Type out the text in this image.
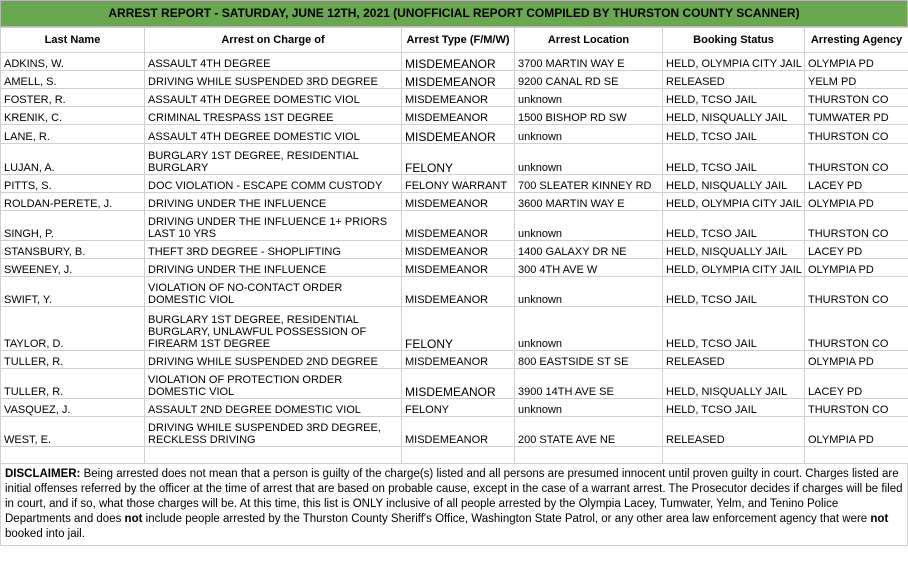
ARREST REPORT - SATURDAY, JUNE 12TH, 2021 (UNOFFICIAL REPORT COMPILED BY THURSTON COUNTY SCANNER)
Last Name	Arrest on Charge of	Arrest Type (F/M/W)	Arrest Location	Booking Status	Arresting Agency
ADKINS, W.	ASSAULT 4TH DEGREE	MISDEMEANOR	3700 MARTIN WAY E	HELD, OLYMPIA CITY JAIL	OLYMPIA PD
AMELL, S.	DRIVING WHILE SUSPENDED 3RD DEGREE	MISDEMEANOR	9200 CANAL RD SE	RELEASED	YELM PD
FOSTER, R.	ASSAULT 4TH DEGREE DOMESTIC VIOL	MISDEMEANOR	unknown	HELD, TCSO JAIL	THURSTON CO
KRENIK, C.	CRIMINAL TRESPASS 1ST DEGREE	MISDEMEANOR	1500 BISHOP RD SW	HELD, NISQUALLY JAIL	TUMWATER PD
LANE, R.	ASSAULT 4TH DEGREE DOMESTIC VIOL	MISDEMEANOR	unknown	HELD, TCSO JAIL	THURSTON CO
LUJAN, A.	BURGLARY 1ST DEGREE, RESIDENTIAL BURGLARY	FELONY	unknown	HELD, TCSO JAIL	THURSTON CO
PITTS, S.	DOC VIOLATION - ESCAPE COMM CUSTODY	FELONY WARRANT	700 SLEATER KINNEY RD	HELD, NISQUALLY JAIL	LACEY PD
ROLDAN-PERETE, J.	DRIVING UNDER THE INFLUENCE	MISDEMEANOR	3600 MARTIN WAY E	HELD, OLYMPIA CITY JAIL	OLYMPIA PD
SINGH, P.	DRIVING UNDER THE INFLUENCE 1+ PRIORS LAST 10 YRS	MISDEMEANOR	unknown	HELD, TCSO JAIL	THURSTON CO
STANSBURY, B.	THEFT 3RD DEGREE - SHOPLIFTING	MISDEMEANOR	1400 GALAXY DR NE	HELD, NISQUALLY JAIL	LACEY PD
SWEENEY, J.	DRIVING UNDER THE INFLUENCE	MISDEMEANOR	300 4TH AVE W	HELD, OLYMPIA CITY JAIL	OLYMPIA PD
SWIFT, Y.	VIOLATION OF NO-CONTACT ORDER DOMESTIC VIOL	MISDEMEANOR	unknown	HELD, TCSO JAIL	THURSTON CO
TAYLOR, D.	BURGLARY 1ST DEGREE, RESIDENTIAL BURGLARY, UNLAWFUL POSSESSION OF FIREARM 1ST DEGREE	FELONY	unknown	HELD, TCSO JAIL	THURSTON CO
TULLER, R.	DRIVING WHILE SUSPENDED 2ND DEGREE	MISDEMEANOR	800 EASTSIDE ST SE	RELEASED	OLYMPIA PD
TULLER, R.	VIOLATION OF PROTECTION ORDER DOMESTIC VIOL	MISDEMEANOR	3900 14TH AVE SE	HELD, NISQUALLY JAIL	LACEY PD
VASQUEZ, J.	ASSAULT 2ND DEGREE DOMESTIC VIOL	FELONY	unknown	HELD, TCSO JAIL	THURSTON CO
WEST, E.	DRIVING WHILE SUSPENDED 3RD DEGREE, RECKLESS DRIVING	MISDEMEANOR	200 STATE AVE NE	RELEASED	OLYMPIA PD

DISCLAIMER: Being arrested does not mean that a person is guilty of the charge(s) listed and all persons are presumed innocent until proven guilty in court. Charges listed are initial offenses referred by the officer at the time of arrest that are based on probable cause, except in the case of a warrant arrest. The Prosecutor decides if charges will be filed in court, and if so, what those charges will be. At this time, this list is ONLY inclusive of all people arrested by the Olympia Lacey, Tumwater, Yelm, and Tenino Police Departments and does not include people arrested by the Thurston County Sheriff's Office, Washington State Patrol, or any other area law enforcement agency that were not booked into jail.
